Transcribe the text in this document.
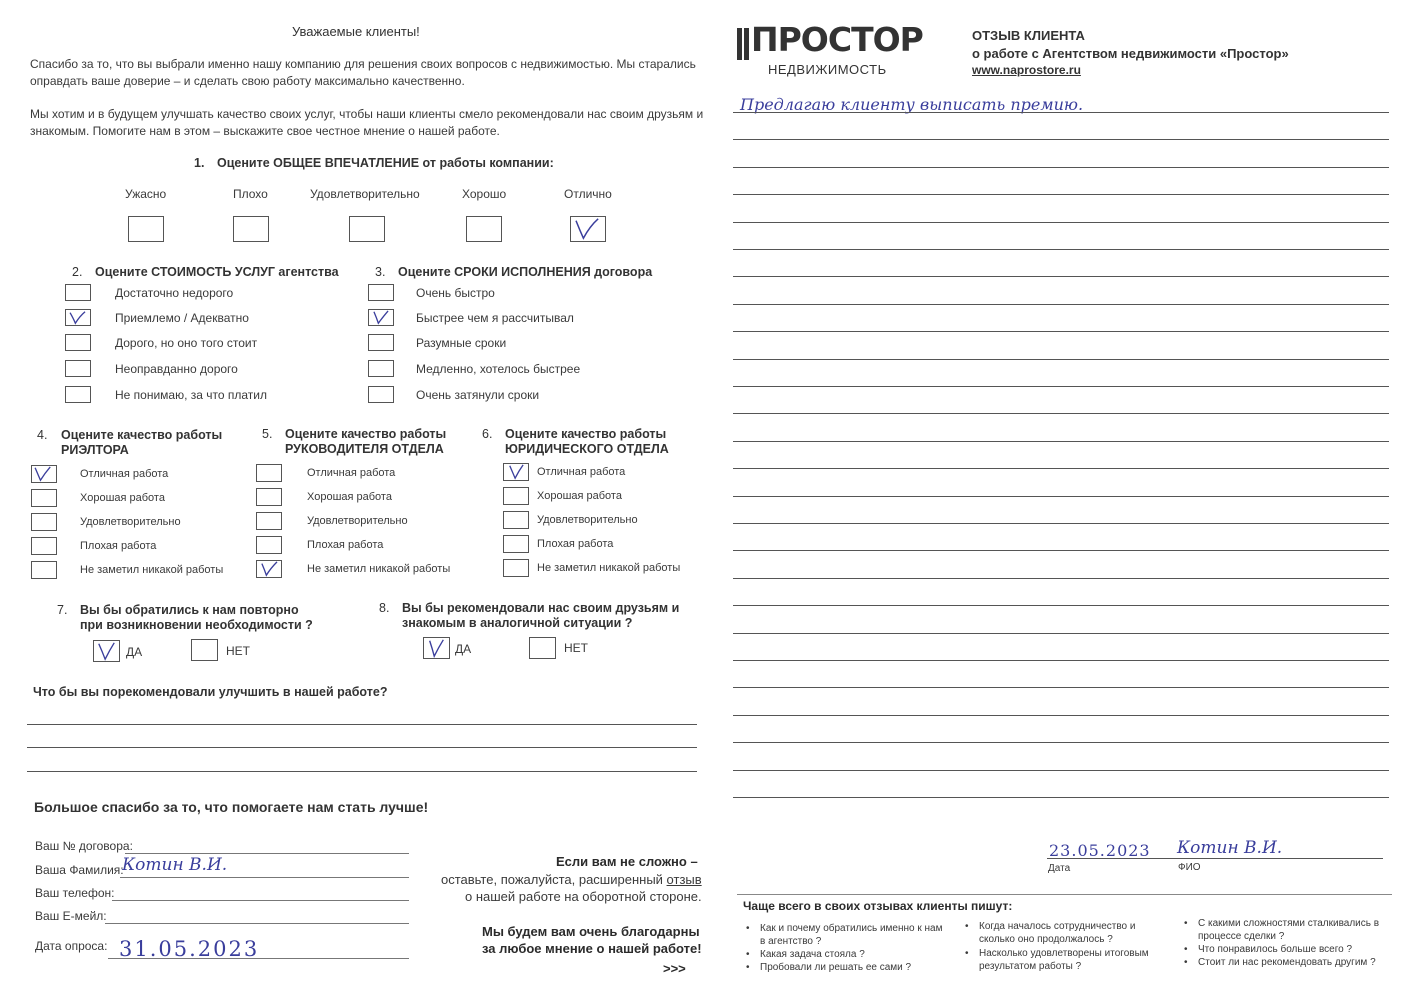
Уважаемые клиенты!
Спасибо за то, что вы выбрали именно нашу компанию для решения своих вопросов с недвижимостью. Мы старались
оправдать ваше доверие – и сделать свою работу максимально качественно.
Мы хотим и в будущем улучшать качество своих услуг, чтобы наши клиенты смело рекомендовали нас своим друзьям и
знакомым. Помогите нам в этом – выскажите свое честное мнение о нашей работе.
1. Оцените ОБЩЕЕ ВПЕЧАТЛЕНИЕ от работы компании:
Ужасно	Плохо	Удовлетворительно	Хорошо	Отлично
2. Оцените СТОИМОСТЬ УСЛУГ агентства
Достаточно недорого
Приемлемо / Адекватно
Дорого, но оно того стоит
Неоправданно дорого
Не понимаю, за что платил
3. Оцените СРОКИ ИСПОЛНЕНИЯ договора
Очень быстро
Быстрее чем я рассчитывал
Разумные сроки
Медленно, хотелось быстрее
Очень затянули сроки
4. Оцените качество работы
РИЭЛТОРА
Отличная работа
Хорошая работа
Удовлетворительно
Плохая работа
Не заметил никакой работы
5. Оцените качество работы
РУКОВОДИТЕЛЯ ОТДЕЛА
Отличная работа
Хорошая работа
Удовлетворительно
Плохая работа
Не заметил никакой работы
6. Оцените качество работы
ЮРИДИЧЕСКОГО ОТДЕЛА
Отличная работа
Хорошая работа
Удовлетворительно
Плохая работа
Не заметил никакой работы
7. Вы бы обратились к нам повторно
при возникновении необходимости ?
ДА	НЕТ
8. Вы бы рекомендовали нас своим друзьям и
знакомым в аналогичной ситуации ?
ДА	НЕТ
Что бы вы порекомендовали улучшить в нашей работе?
Большое спасибо за то, что помогаете нам стать лучше!
Ваш № договора:
Ваша Фамилия:
Котин В.И.
Ваш телефон:
Ваш Е-мейл:
Дата опроса: 31.05.2023
Если вам не сложно –
оставьте, пожалуйста, расширенный отзыв
о нашей работе на оборотной стороне.
Мы будем вам очень благодарны
за любое мнение о нашей работе!
>>>
ПРОСТОР
НЕДВИЖИМОСТЬ
ОТЗЫВ КЛИЕНТА
о работе с Агентством недвижимости «Простор»
www.naprostore.ru
Предлагаю клиенту выписать премию.
23.05.2023 Котин В.И.
Дата	ФИО
Чаще всего в своих отзывах клиенты пишут:
• Как и почему обратились именно к нам в агентство ?
• Какая задача стояла ?
• Пробовали ли решать ее сами ?
• Когда началось сотрудничество и сколько оно продолжалось ?
• Насколько удовлетворены итоговым результатом работы ?
• С какими сложностями сталкивались в процессе сделки ?
• Что понравилось больше всего ?
• Стоит ли нас рекомендовать другим ?
